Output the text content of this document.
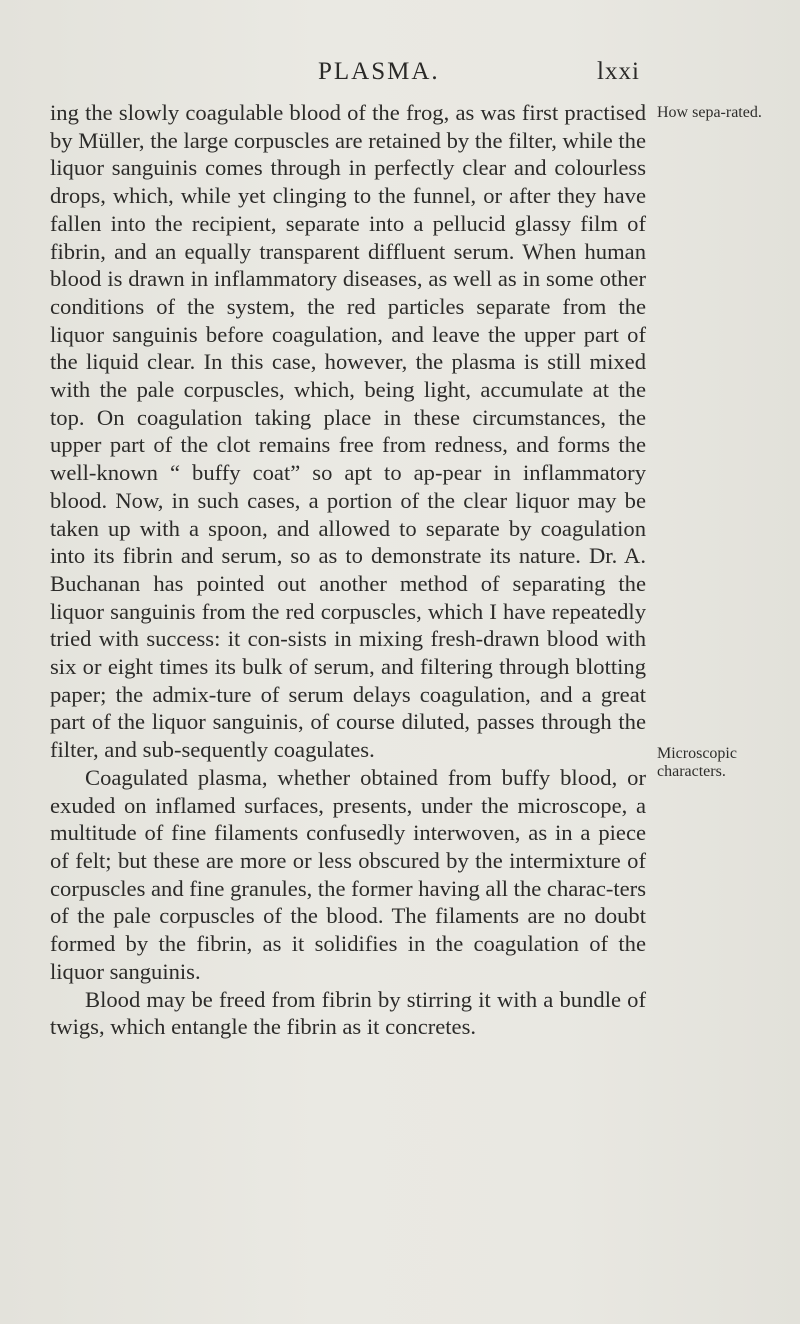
PLASMA.	lxxi

ing the slowly coagulable blood of the frog, as was first practised by Müller, the large corpuscles are retained by the filter, while the liquor sanguinis comes through in perfectly clear and colourless drops, which, while yet clinging to the funnel, or after they have fallen into the recipient, separate into a pellucid glassy film of fibrin, and an equally transparent diffluent serum. When human blood is drawn in inflammatory diseases, as well as in some other conditions of the system, the red particles separate from the liquor sanguinis before coagulation, and leave the upper part of the liquid clear. In this case, however, the plasma is still mixed with the pale corpuscles, which, being light, accumulate at the top. On coagulation taking place in these circumstances, the upper part of the clot remains free from redness, and forms the well-known “ buffy coat” so apt to ap-pear in inflammatory blood. Now, in such cases, a portion of the clear liquor may be taken up with a spoon, and allowed to separate by coagulation into its fibrin and serum, so as to demonstrate its nature. Dr. A. Buchanan has pointed out another method of separating the liquor sanguinis from the red corpuscles, which I have repeatedly tried with success: it con-sists in mixing fresh-drawn blood with six or eight times its bulk of serum, and filtering through blotting paper; the admix-ture of serum delays coagulation, and a great part of the liquor sanguinis, of course diluted, passes through the filter, and sub-sequently coagulates.

Coagulated plasma, whether obtained from buffy blood, or exuded on inflamed surfaces, presents, under the microscope, a multitude of fine filaments confusedly interwoven, as in a piece of felt; but these are more or less obscured by the intermixture of corpuscles and fine granules, the former having all the charac-ters of the pale corpuscles of the blood. The filaments are no doubt formed by the fibrin, as it solidifies in the coagulation of the liquor sanguinis.

Blood may be freed from fibrin by stirring it with a bundle of twigs, which entangle the fibrin as it concretes.

How sepa-rated.
Microscopic characters.
